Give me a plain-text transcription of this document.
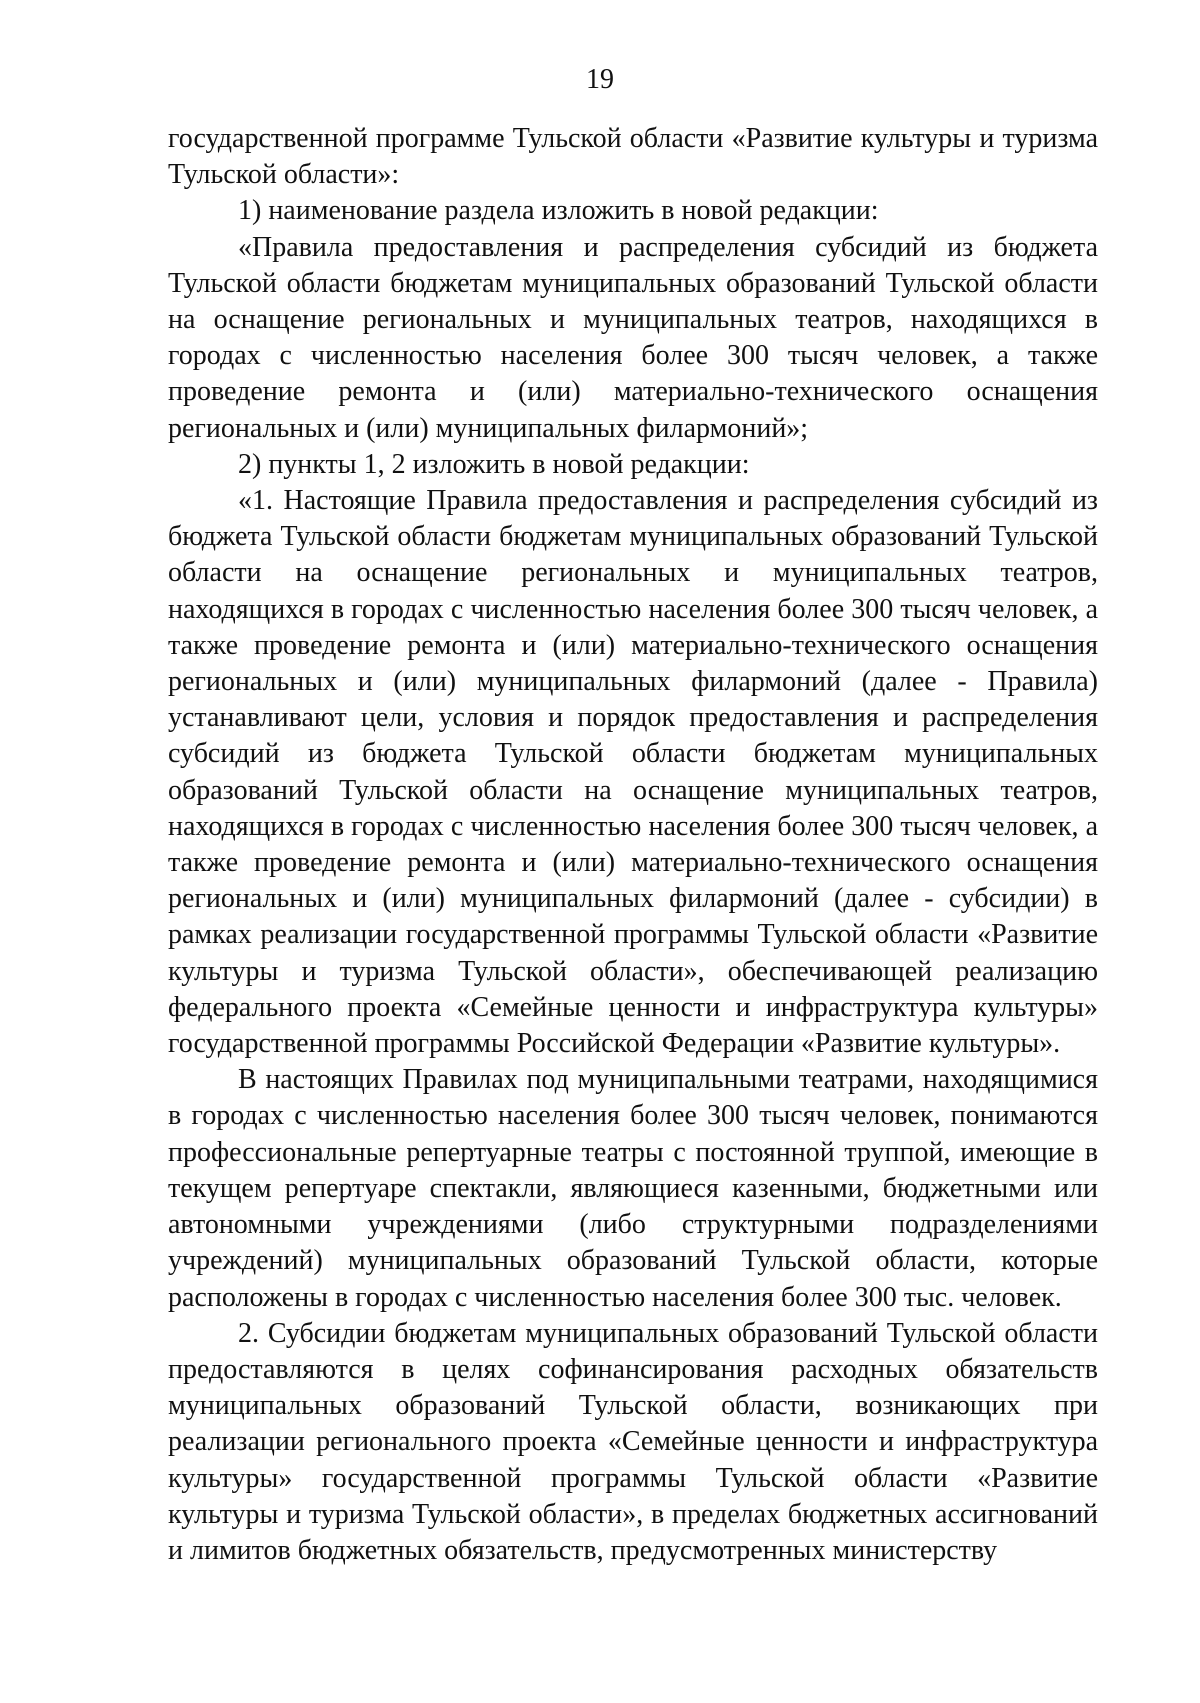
19

государственной программе Тульской области «Развитие культуры и туризма Тульской области»:

1) наименование раздела изложить в новой редакции:

«Правила предоставления и распределения субсидий из бюджета Тульской области бюджетам муниципальных образований Тульской области на оснащение региональных и муниципальных театров, находящихся в городах с численностью населения более 300 тысяч человек, а также проведение ремонта и (или) материально-технического оснащения региональных и (или) муниципальных филармоний»;

2) пункты 1, 2 изложить в новой редакции:

«1. Настоящие Правила предоставления и распределения субсидий из бюджета Тульской области бюджетам муниципальных образований Тульской области на оснащение региональных и муниципальных театров, находящихся в городах с численностью населения более 300 тысяч человек, а также проведение ремонта и (или) материально-технического оснащения региональных и (или) муниципальных филармоний (далее - Правила) устанавливают цели, условия и порядок предоставления и распределения субсидий из бюджета Тульской области бюджетам муниципальных образований Тульской области на оснащение муниципальных театров, находящихся в городах с численностью населения более 300 тысяч человек, а также проведение ремонта и (или) материально-технического оснащения региональных и (или) муниципальных филармоний (далее - субсидии) в рамках реализации государственной программы Тульской области «Развитие культуры и туризма Тульской области», обеспечивающей реализацию федерального проекта «Семейные ценности и инфраструктура культуры» государственной программы Российской Федерации «Развитие культуры».

В настоящих Правилах под муниципальными театрами, находящимися в городах с численностью населения более 300 тысяч человек, понимаются профессиональные репертуарные театры с постоянной труппой, имеющие в текущем репертуаре спектакли, являющиеся казенными, бюджетными или автономными учреждениями (либо структурными подразделениями учреждений) муниципальных образований Тульской области, которые расположены в городах с численностью населения более 300 тыс. человек.

2. Субсидии бюджетам муниципальных образований Тульской области предоставляются в целях софинансирования расходных обязательств муниципальных образований Тульской области, возникающих при реализации регионального проекта «Семейные ценности и инфраструктура культуры» государственной программы Тульской области «Развитие культуры и туризма Тульской области», в пределах бюджетных ассигнований и лимитов бюджетных обязательств, предусмотренных министерству
